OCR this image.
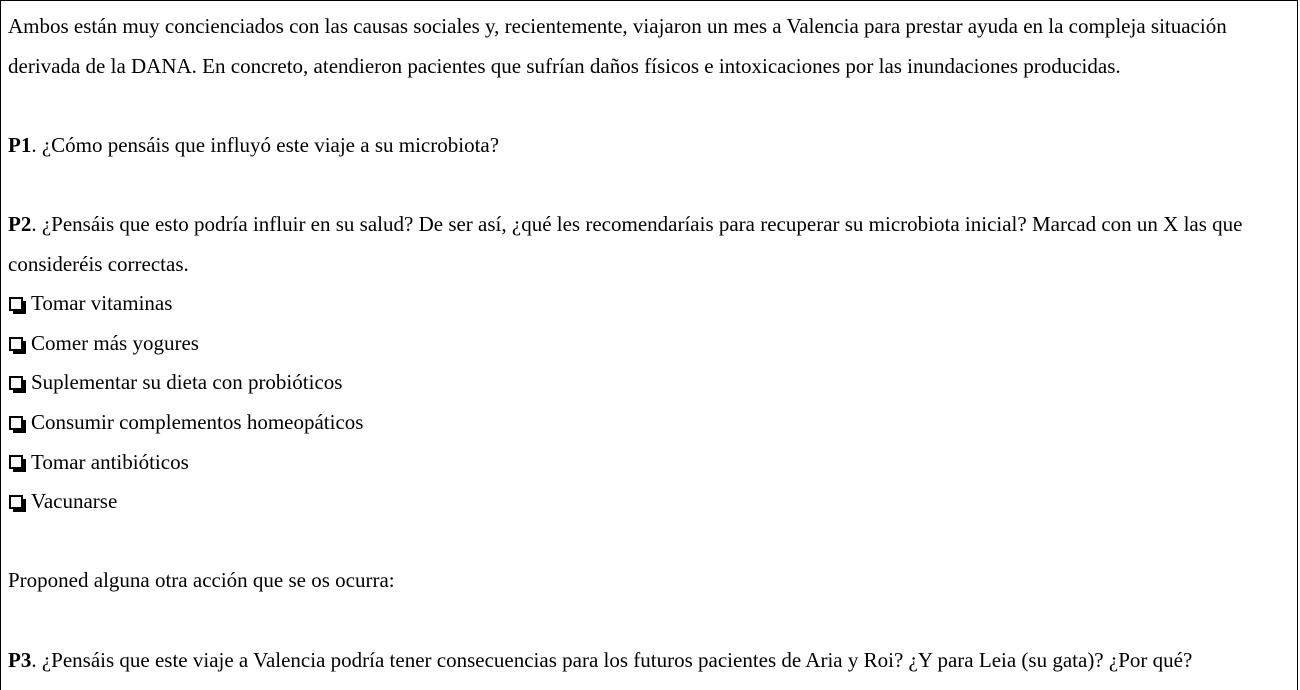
Ambos están muy concienciados con las causas sociales y, recientemente, viajaron un mes a Valencia para prestar ayuda en la compleja situación derivada de la DANA. En concreto, atendieron pacientes que sufrían daños físicos e intoxicaciones por las inundaciones producidas.

P1. ¿Cómo pensáis que influyó este viaje a su microbiota?

P2. ¿Pensáis que esto podría influir en su salud? De ser así, ¿qué les recomendaríais para recuperar su microbiota inicial? Marcad con un X las que consideréis correctas.

Tomar vitaminas
Comer más yogures
Suplementar su dieta con probióticos
Consumir complementos homeopáticos
Tomar antibióticos
Vacunarse

Proponed alguna otra acción que se os ocurra:

P3. ¿Pensáis que este viaje a Valencia podría tener consecuencias para los futuros pacientes de Aria y Roi? ¿Y para Leia (su gata)? ¿Por qué?
